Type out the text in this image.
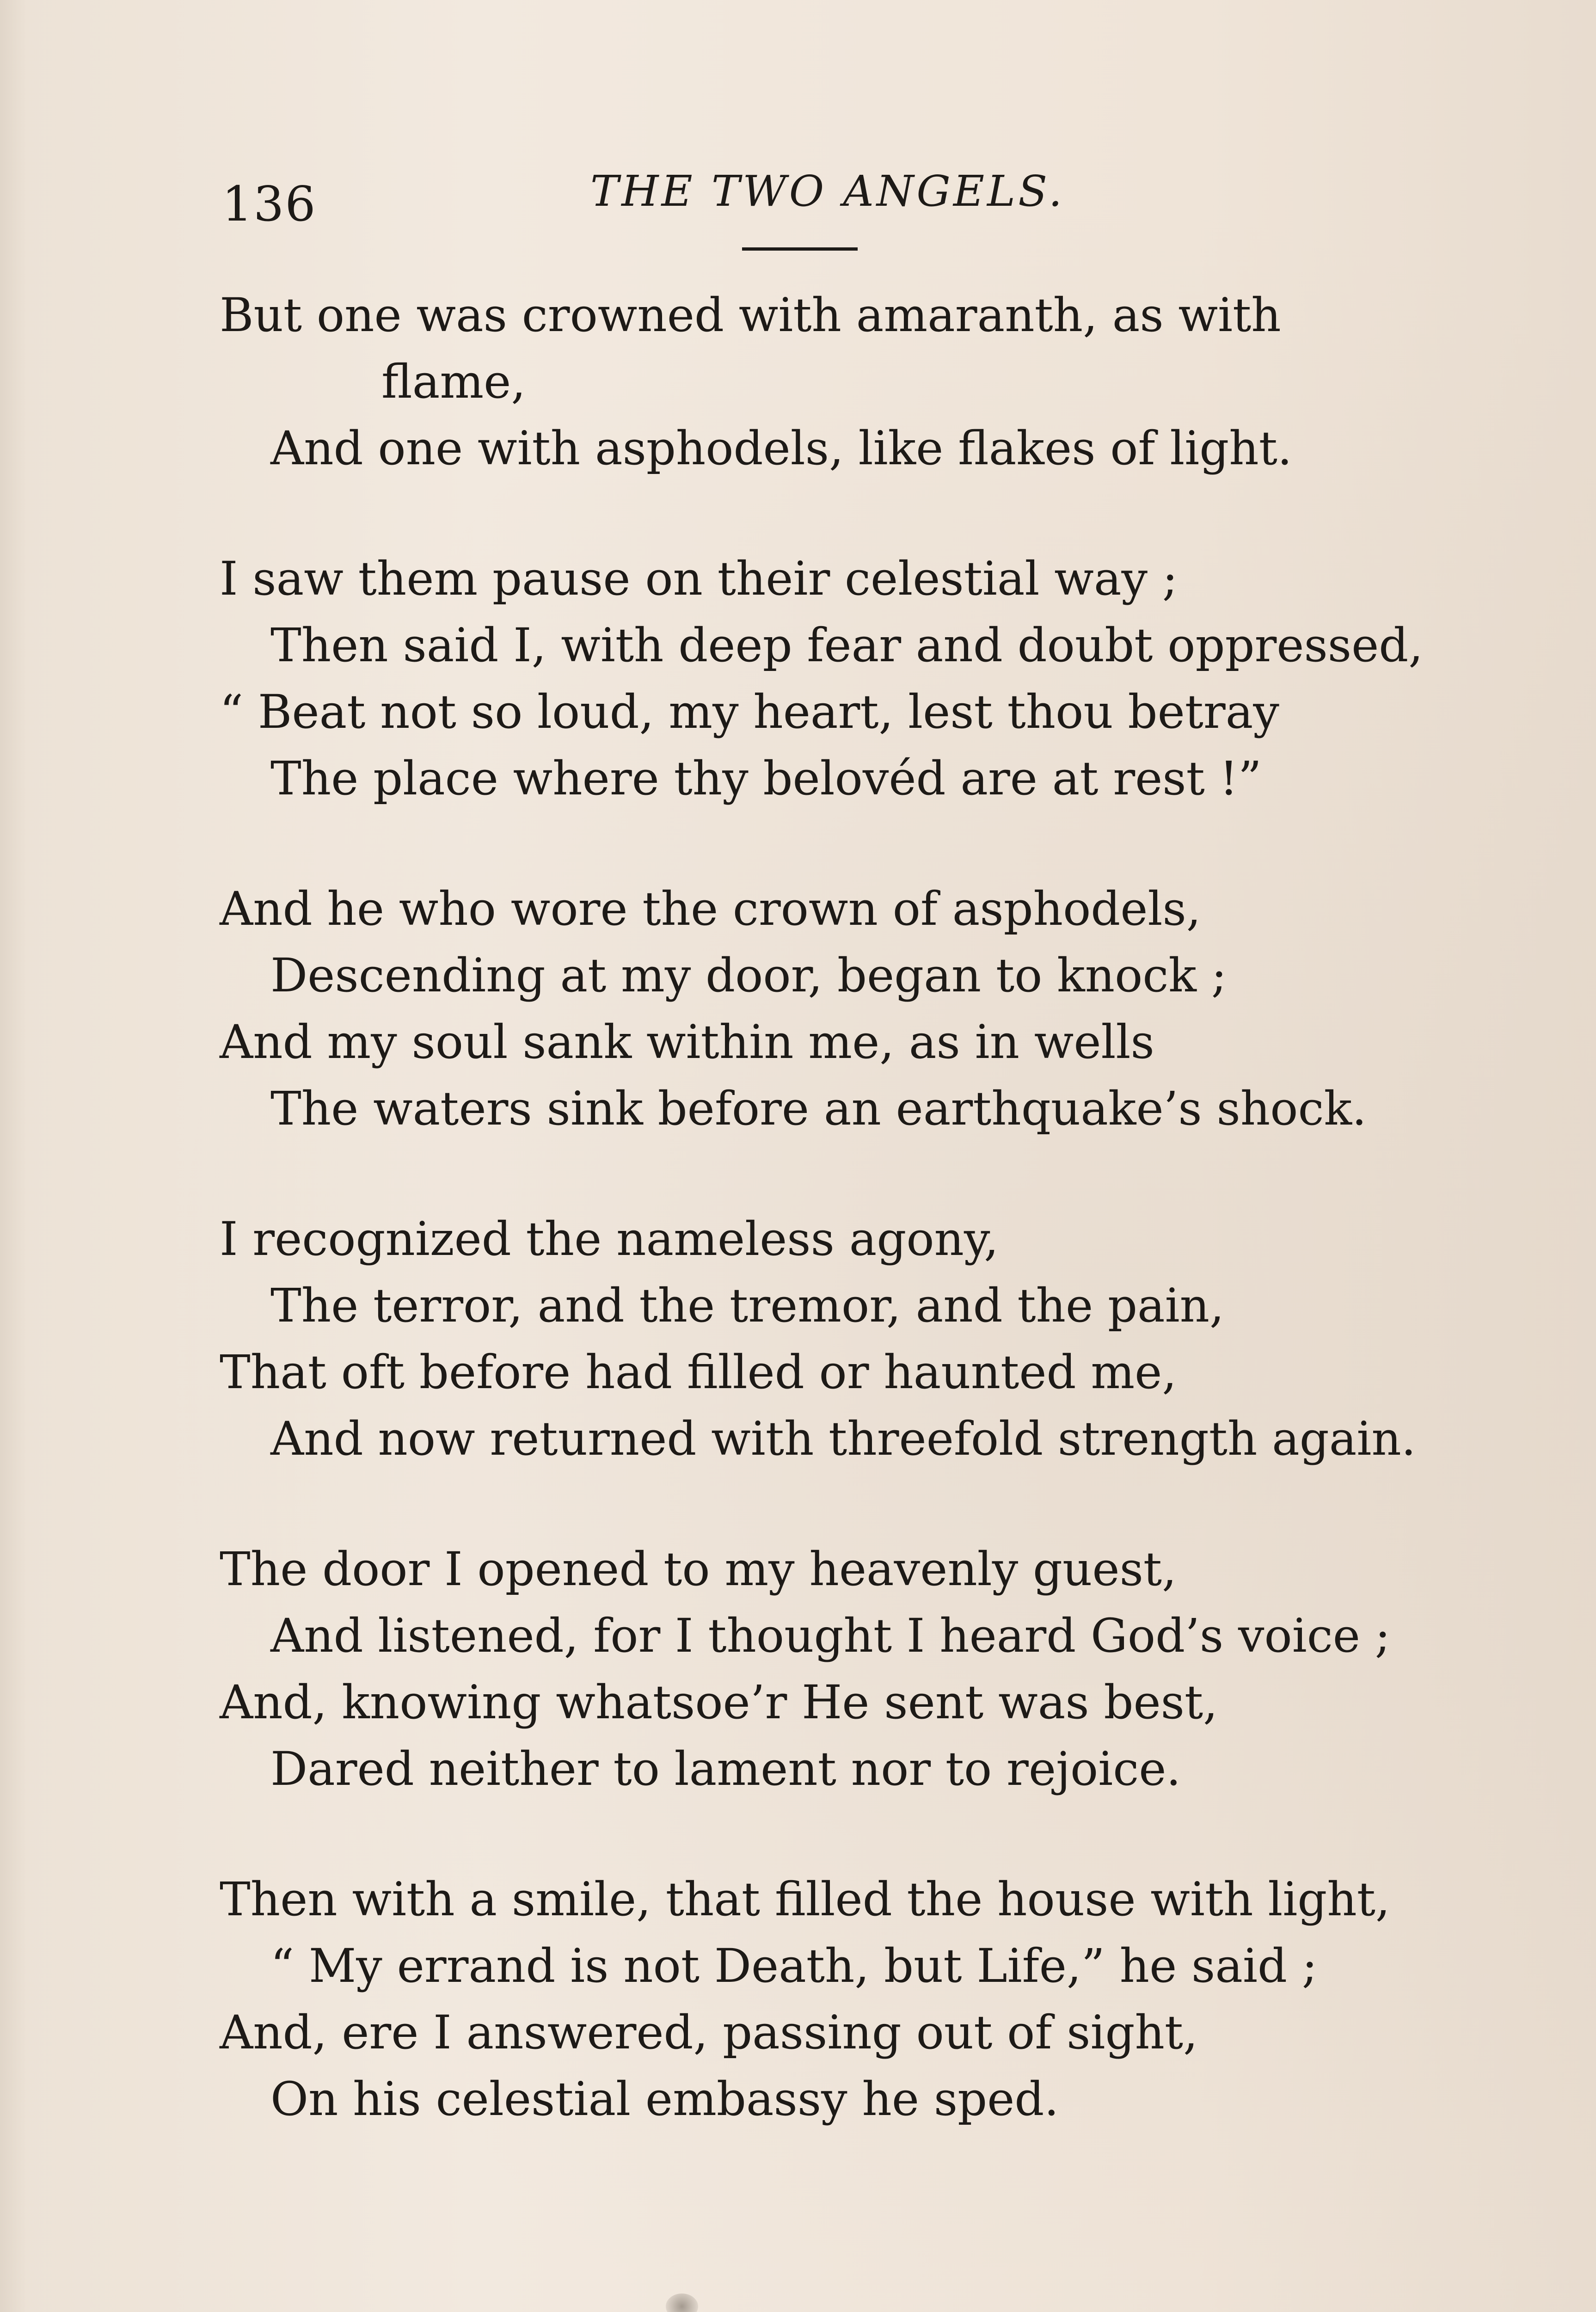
136	THE TWO ANGELS.
But one was crowned with amaranth, as with
flame,
And one with asphodels, like flakes of light.
I saw them pause on their celestial way ;
Then said I, with deep fear and doubt oppressed,
“ Beat not so loud, my heart, lest thou betray
The place where thy belovéd are at rest !”
And he who wore the crown of asphodels,
Descending at my door, began to knock ;
And my soul sank within me, as in wells
The waters sink before an earthquake’s shock.
I recognized the nameless agony,
The terror, and the tremor, and the pain,
That oft before had filled or haunted me,
And now returned with threefold strength again.
The door I opened to my heavenly guest,
And listened, for I thought I heard God’s voice ;
And, knowing whatsoe’r He sent was best,
Dared neither to lament nor to rejoice.
Then with a smile, that filled the house with light,
“ My errand is not Death, but Life,” he said ;
And, ere I answered, passing out of sight,
On his celestial embassy he sped.
